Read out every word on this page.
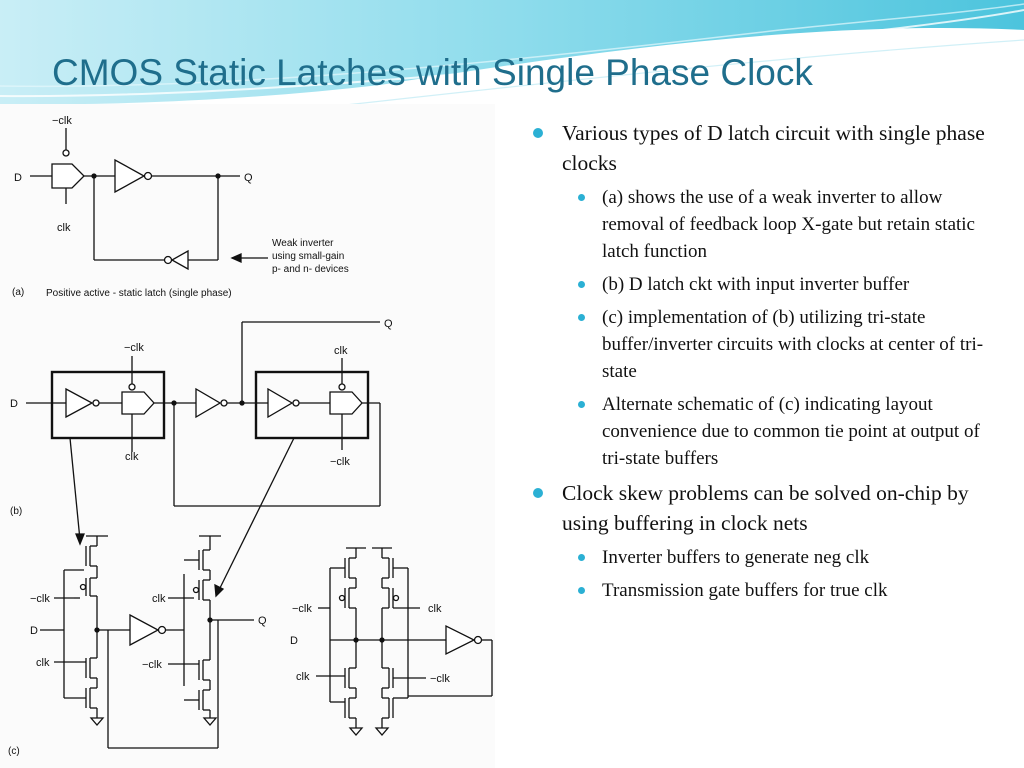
CMOS Static Latches with Single Phase Clock
−clk
clk
D	Q
Weak inverter
using small-gain
p- and n- devices
(a) Positive active - static latch (single phase)
−clk
clk
clk
−clk
D
Q
(b)
−clk
D
clk
clk
Q
−clk
(c)
−clk
D
clk
clk
−clk
Various types of D latch circuit with single phase clocks
(a) shows the use of a weak inverter to allow removal of feedback loop X-gate but retain static latch function
(b) D latch ckt with input inverter buffer
(c) implementation of (b) utilizing tri-state buffer/inverter circuits with clocks at center of tri-state
Alternate schematic of (c) indicating layout convenience due to common tie point at output of tri-state buffers
Clock skew problems can be solved on-chip by using buffering in clock nets
Inverter buffers to generate neg clk
Transmission gate buffers for true clk
